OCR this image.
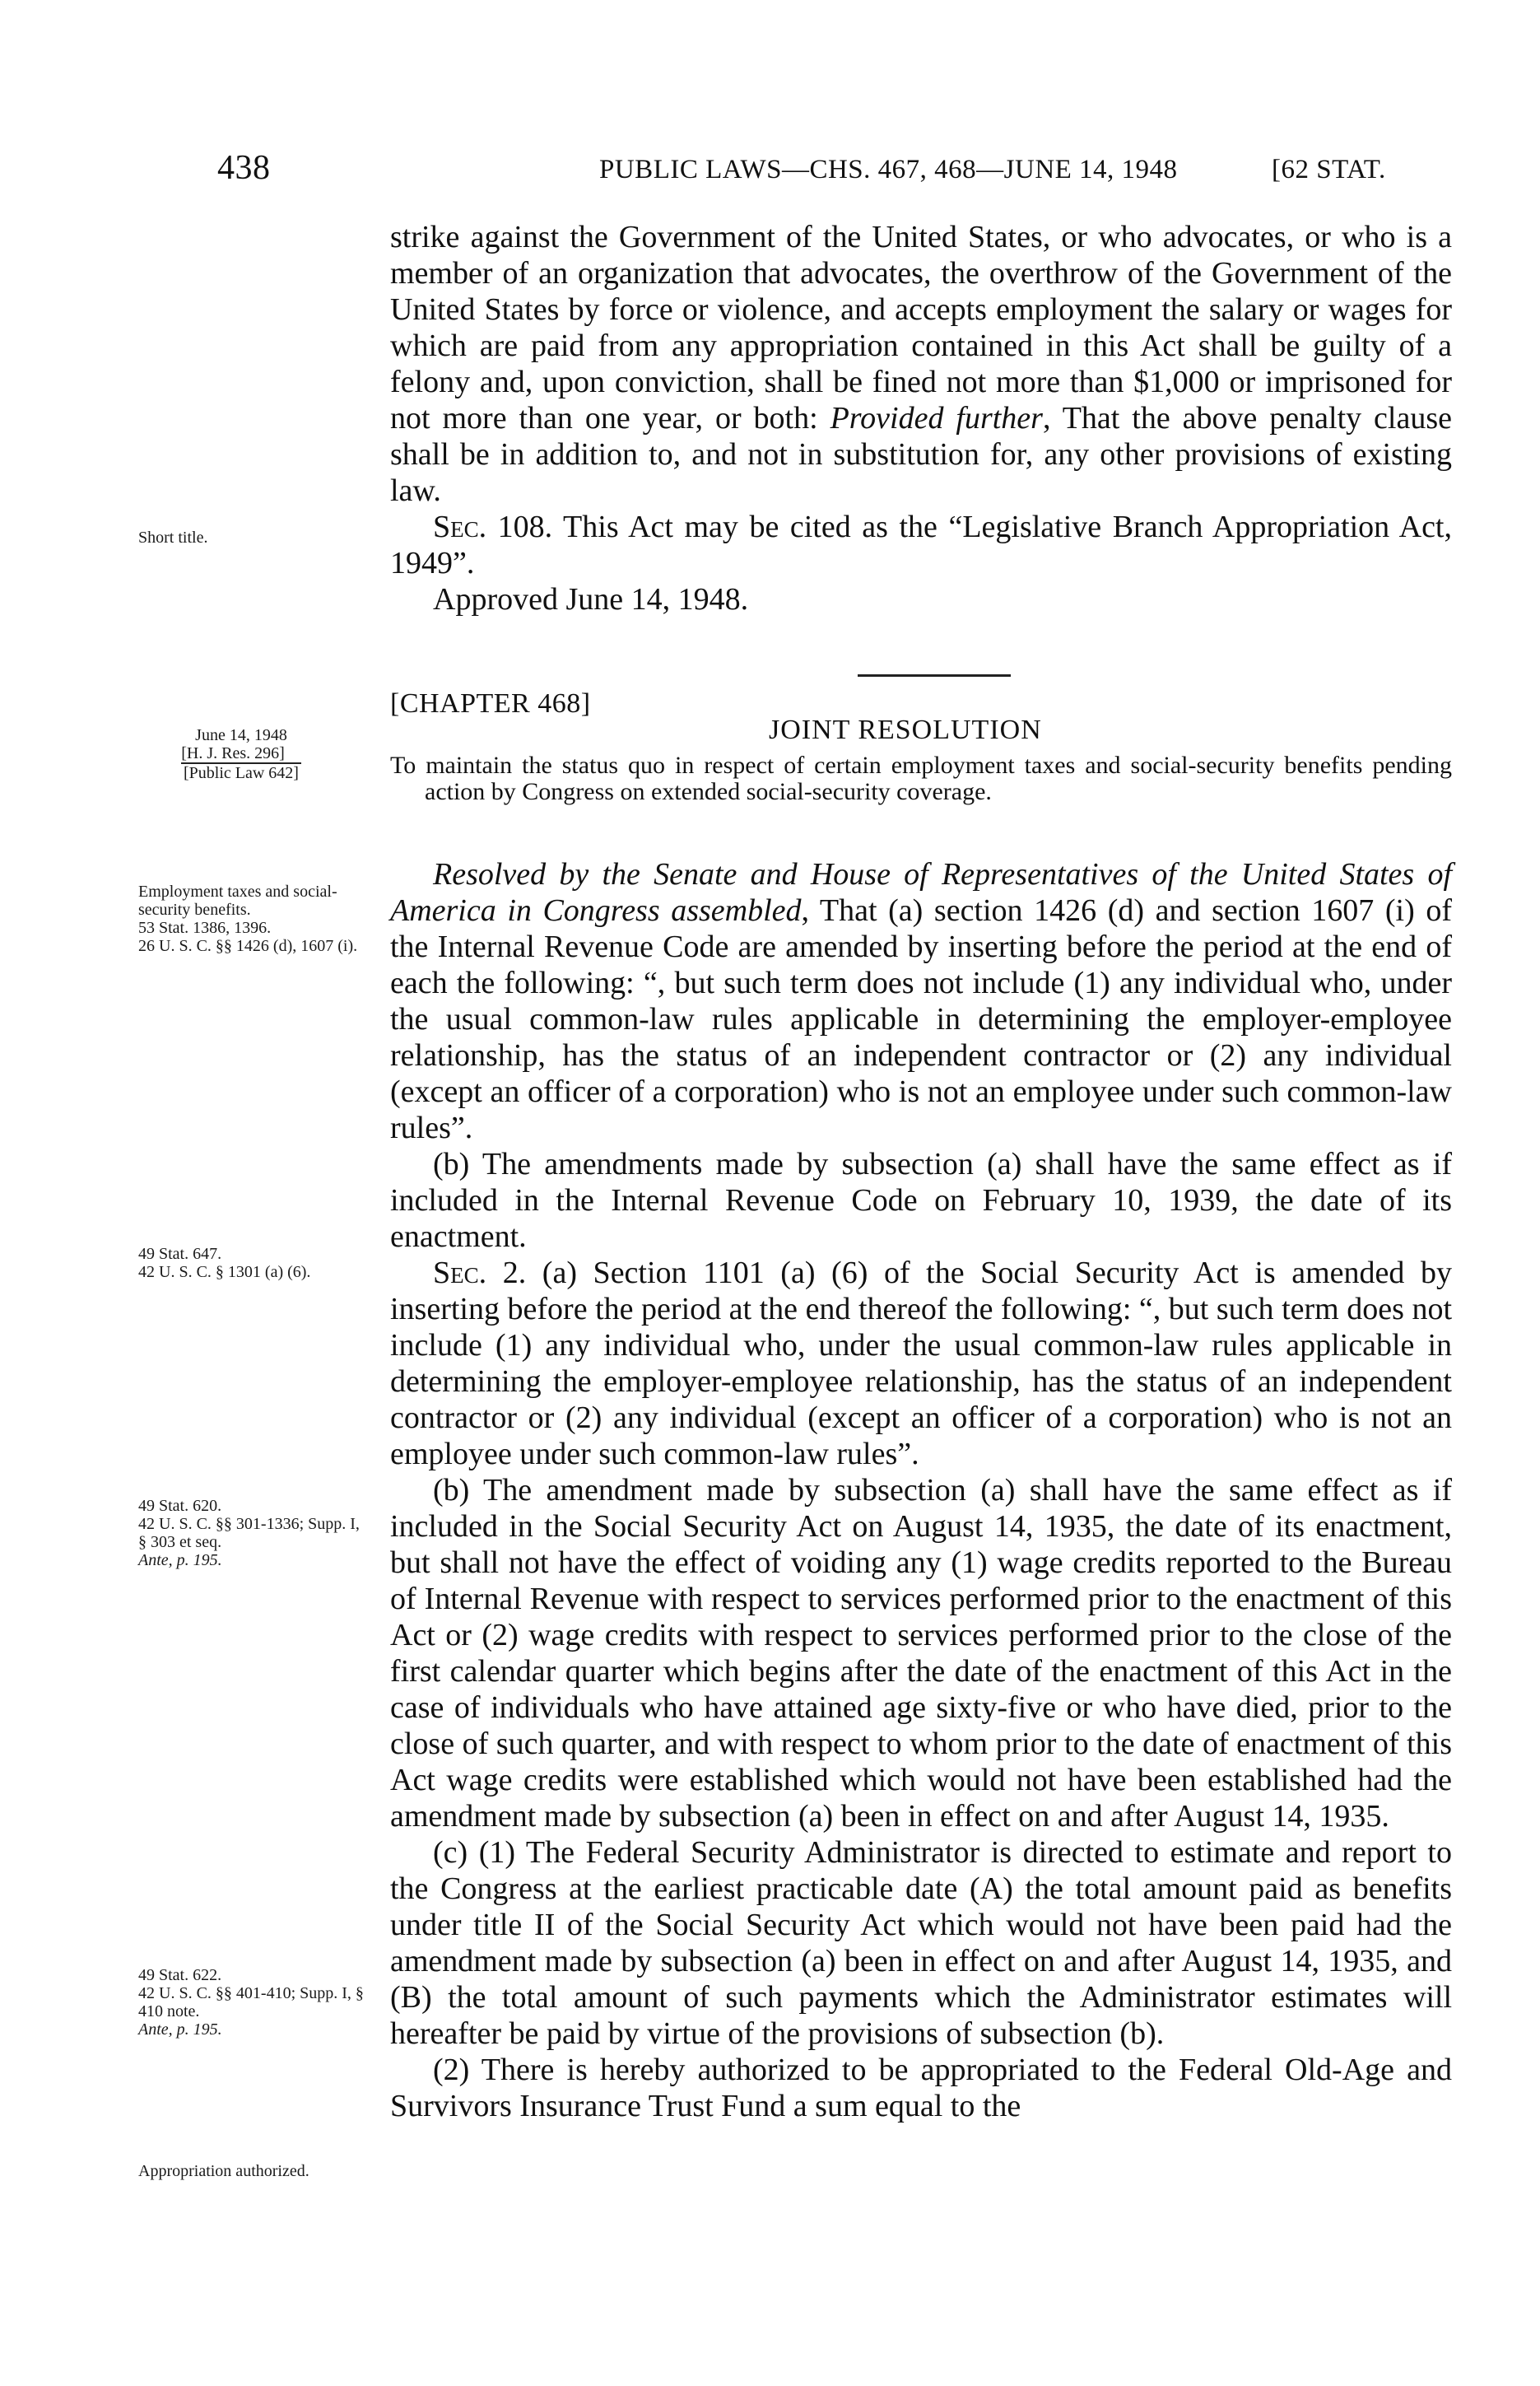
438	PUBLIC LAWS—CHS. 467, 468—JUNE 14, 1948	[62 STAT.

strike against the Government of the United States, or who advocates, or who is a member of an organization that advocates, the overthrow of the Government of the United States by force or violence, and accepts employment the salary or wages for which are paid from any appropriation contained in this Act shall be guilty of a felony and, upon conviction, shall be fined not more than $1,000 or imprisoned for not more than one year, or both: Provided further, That the above penalty clause shall be in addition to, and not in substitution for, any other provisions of existing law.

Sec. 108. This Act may be cited as the “Legislative Branch Appropriation Act, 1949”.

Approved June 14, 1948.

[CHAPTER 468]
JOINT RESOLUTION
To maintain the status quo in respect of certain employment taxes and social-security benefits pending action by Congress on extended social-security coverage.

Resolved by the Senate and House of Representatives of the United States of America in Congress assembled, That (a) section 1426 (d) and section 1607 (i) of the Internal Revenue Code are amended by inserting before the period at the end of each the following: “, but such term does not include (1) any individual who, under the usual common-law rules applicable in determining the employer-employee relationship, has the status of an independent contractor or (2) any individual (except an officer of a corporation) who is not an employee under such common-law rules”.

(b) The amendments made by subsection (a) shall have the same effect as if included in the Internal Revenue Code on February 10, 1939, the date of its enactment.

Sec. 2. (a) Section 1101 (a) (6) of the Social Security Act is amended by inserting before the period at the end thereof the following: “, but such term does not include (1) any individual who, under the usual common-law rules applicable in determining the employer-employee relationship, has the status of an independent contractor or (2) any individual (except an officer of a corporation) who is not an employee under such common-law rules”.

(b) The amendment made by subsection (a) shall have the same effect as if included in the Social Security Act on August 14, 1935, the date of its enactment, but shall not have the effect of voiding any (1) wage credits reported to the Bureau of Internal Revenue with respect to services performed prior to the enactment of this Act or (2) wage credits with respect to services performed prior to the close of the first calendar quarter which begins after the date of the enactment of this Act in the case of individuals who have attained age sixty-five or who have died, prior to the close of such quarter, and with respect to whom prior to the date of enactment of this Act wage credits were established which would not have been established had the amendment made by subsection (a) been in effect on and after August 14, 1935.

(c) (1) The Federal Security Administrator is directed to estimate and report to the Congress at the earliest practicable date (A) the total amount paid as benefits under title II of the Social Security Act which would not have been paid had the amendment made by subsection (a) been in effect on and after August 14, 1935, and (B) the total amount of such payments which the Administrator estimates will hereafter be paid by virtue of the provisions of subsection (b).

(2) There is hereby authorized to be appropriated to the Federal Old-Age and Survivors Insurance Trust Fund a sum equal to the

Short title.
June 14, 1948
[H. J. Res. 296]
[Public Law 642]
Employment taxes and social-security benefits.
53 Stat. 1386, 1396.
26 U. S. C. §§ 1426 (d), 1607 (i).
49 Stat. 647.
42 U. S. C. § 1301 (a) (6).
49 Stat. 620.
42 U. S. C. §§ 301-1336; Supp. I, § 303 et seq.
Ante, p. 195.
49 Stat. 622.
42 U. S. C. §§ 401-410; Supp. I, § 410 note.
Ante, p. 195.
Appropriation authorized.
